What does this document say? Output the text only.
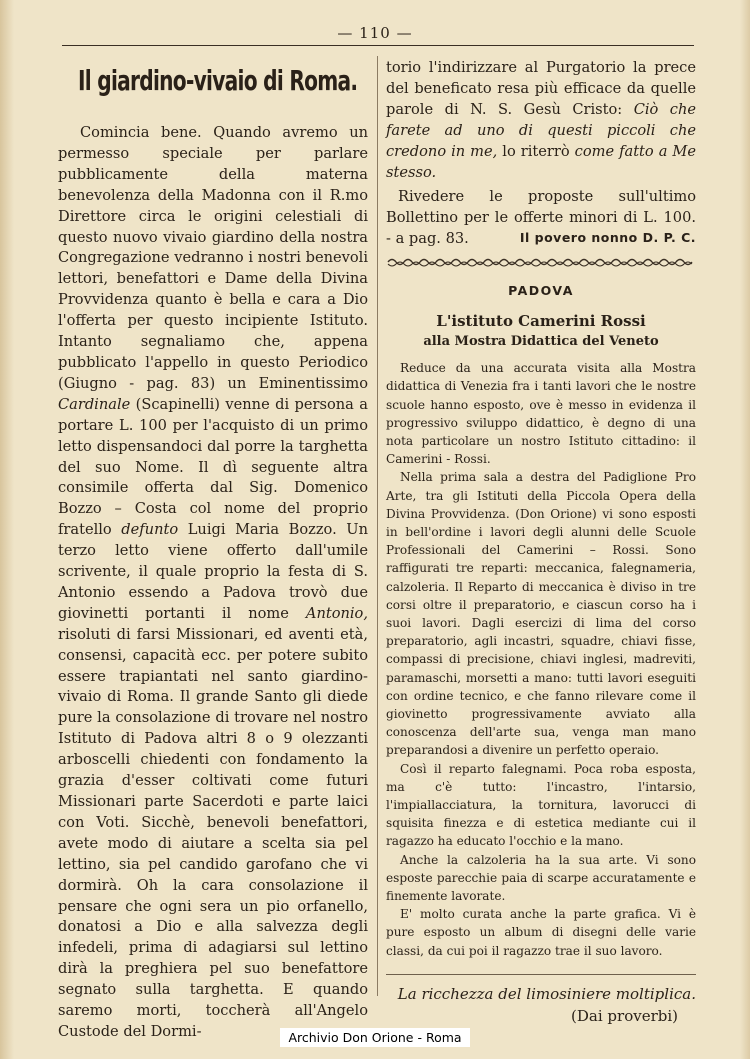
— 110 —
Il giardino-vivaio di Roma.

Comincia bene. Quando avremo un permesso speciale per parlare pubblicamente della materna benevolenza della Madonna con il R.mo Direttore circa le origini celestiali di questo nuovo vivaio giardino della nostra Congregazione vedranno i nostri benevoli lettori, benefattori e Dame della Divina Provvidenza quanto è bella e cara a Dio l'offerta per questo incipiente Istituto. Intanto segnaliamo che, appena pubblicato l'appello in questo Periodico (Giugno - pag. 83) un Eminentissimo Cardinale (Scapinelli) venne di persona a portare L. 100 per l'acquisto di un primo letto dispensandoci dal porre la targhetta del suo Nome. Il dì seguente altra consimile offerta dal Sig. Domenico Bozzo – Costa col nome del proprio fratello defunto Luigi Maria Bozzo. Un terzo letto viene offerto dall'umile scrivente, il quale proprio la festa di S. Antonio essendo a Padova trovò due giovinetti portanti il nome Antonio, risoluti di farsi Missionari, ed aventi età, consensi, capacità ecc. per potere subito essere trapiantati nel santo giardino-vivaio di Roma. Il grande Santo gli diede pure la consolazione di trovare nel nostro Istituto di Padova altri 8 o 9 olezzanti arboscelli chiedenti con fondamento la grazia d'esser coltivati come futuri Missionari parte Sacerdoti e parte laici con Voti. Sicchè, benevoli benefattori, avete modo di aiutare a scelta sia pel lettino, sia pel candido garofano che vi dormirà. Oh la cara consolazione il pensare che ogni sera un pio orfanello, donatosi a Dio e alla salvezza degli infedeli, prima di adagiarsi sul lettino dirà la preghiera pel suo benefattore segnato sulla targhetta. E quando saremo morti, toccherà all'Angelo Custode del Dormi-

torio l'indirizzare al Purgatorio la prece del beneficato resa più efficace da quelle parole di N. S. Gesù Cristo: Ciò che farete ad uno di questi piccoli che credono in me, lo riterrò come fatto a Me stesso.

Rivedere le proposte sull'ultimo Bollettino per le offerte minori di L. 100. - a pag. 83.	Il povero nonno D. P. C.
PADOVA

L'istituto Camerini Rossi

alla Mostra Didattica del Veneto

Reduce da una accurata visita alla Mostra didattica di Venezia fra i tanti lavori che le nostre scuole hanno esposto, ove è messo in evidenza il progressivo sviluppo didattico, è degno di una nota particolare un nostro Istituto cittadino: il Camerini - Rossi.

Nella prima sala a destra del Padiglione Pro Arte, tra gli Istituti della Piccola Opera della Divina Provvidenza. (Don Orione) vi sono esposti in bell'ordine i lavori degli alunni delle Scuole Professionali del Camerini – Rossi. Sono raffigurati tre reparti: meccanica, falegnameria, calzoleria. Il Reparto di meccanica è diviso in tre corsi oltre il preparatorio, e ciascun corso ha i suoi lavori. Dagli esercizi di lima del corso preparatorio, agli incastri, squadre, chiavi fisse, compassi di precisione, chiavi inglesi, madreviti, paramaschi, morsetti a mano: tutti lavori eseguiti con ordine tecnico, e che fanno rilevare come il giovinetto progressivamente avviato alla conoscenza dell'arte sua, venga man mano preparandosi a divenire un perfetto operaio.

Così il reparto falegnami. Poca roba esposta, ma c'è tutto: l'incastro, l'intarsio, l'impiallacciatura, la tornitura, lavorucci di squisita finezza e di estetica mediante cui il ragazzo ha educato l'occhio e la mano.

Anche la calzoleria ha la sua arte. Vi sono esposte parecchie paia di scarpe accuratamente e finemente lavorate.

E' molto curata anche la parte grafica. Vi è pure esposto un album di disegni delle varie classi, da cui poi il ragazzo trae il suo lavoro.

La ricchezza del limosiniere moltiplica.

(Dai proverbi)

Archivio Don Orione - Roma
